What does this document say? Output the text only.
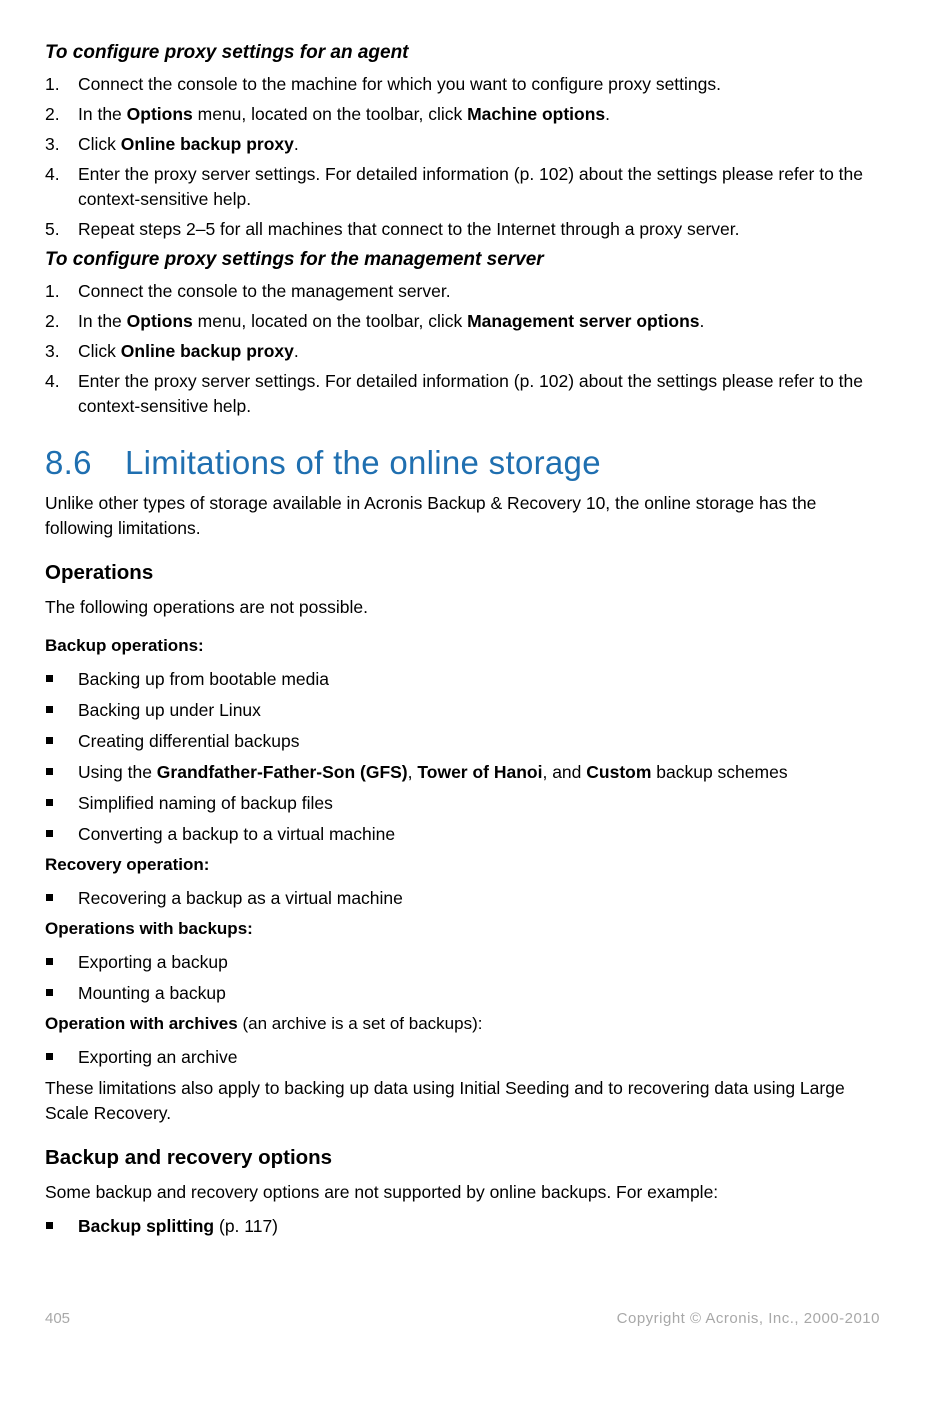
To configure proxy settings for an agent
1. Connect the console to the machine for which you want to configure proxy settings.
2. In the Options menu, located on the toolbar, click Machine options.
3. Click Online backup proxy.
4. Enter the proxy server settings. For detailed information (p. 102) about the settings please refer to the context-sensitive help.
5. Repeat steps 2–5 for all machines that connect to the Internet through a proxy server.
To configure proxy settings for the management server
1. Connect the console to the management server.
2. In the Options menu, located on the toolbar, click Management server options.
3. Click Online backup proxy.
4. Enter the proxy server settings. For detailed information (p. 102) about the settings please refer to the context-sensitive help.
8.6 Limitations of the online storage

Unlike other types of storage available in Acronis Backup & Recovery 10, the online storage has the following limitations.

Operations

The following operations are not possible.

Backup operations:
Backing up from bootable media
Backing up under Linux
Creating differential backups
Using the Grandfather-Father-Son (GFS), Tower of Hanoi, and Custom backup schemes
Simplified naming of backup files
Converting a backup to a virtual machine
Recovery operation:
Recovering a backup as a virtual machine
Operations with backups:
Exporting a backup
Mounting a backup
Operation with archives (an archive is a set of backups):
Exporting an archive

These limitations also apply to backing up data using Initial Seeding and to recovering data using Large Scale Recovery.

Backup and recovery options

Some backup and recovery options are not supported by online backups. For example:

Backup splitting (p. 117)
405	Copyright © Acronis, Inc., 2000-2010
